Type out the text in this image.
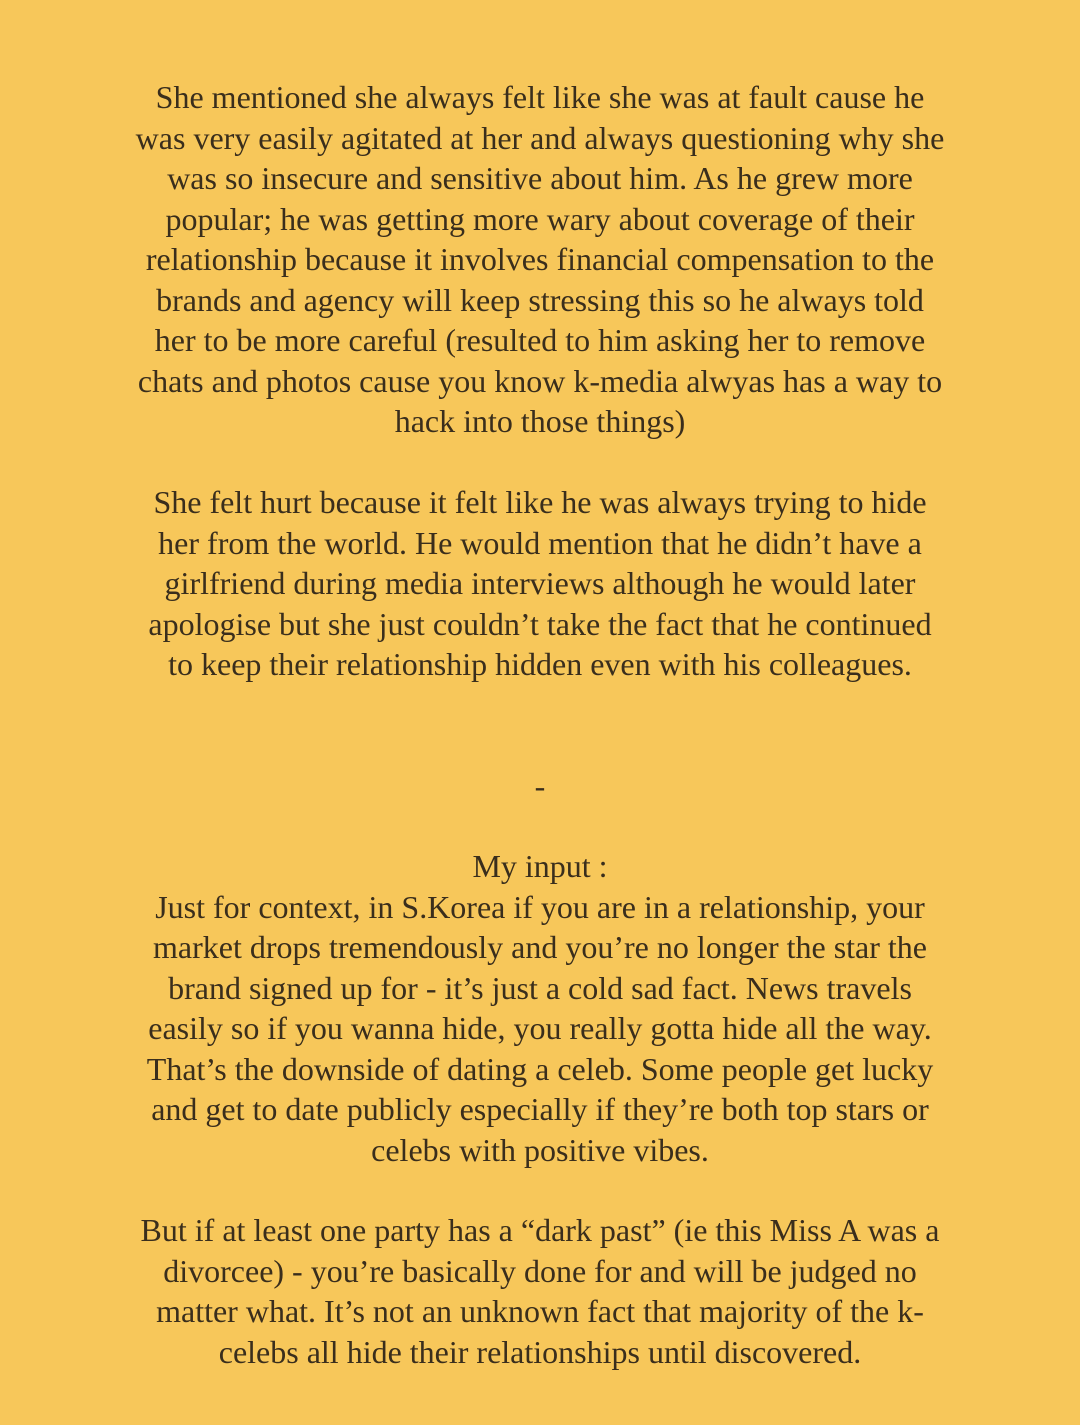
She mentioned she always felt like she was at fault cause he
was very easily agitated at her and always questioning why she
was so insecure and sensitive about him. As he grew more
popular; he was getting more wary about coverage of their
relationship because it involves financial compensation to the
brands and agency will keep stressing this so he always told
her to be more careful (resulted to him asking her to remove
chats and photos cause you know k-media alwyas has a way to
hack into those things)

She felt hurt because it felt like he was always trying to hide
her from the world. He would mention that he didn’t have a
girlfriend during media interviews although he would later
apologise but she just couldn’t take the fact that he continued
to keep their relationship hidden even with his colleagues.

-

My input :
Just for context, in S.Korea if you are in a relationship, your
market drops tremendously and you’re no longer the star the
brand signed up for - it’s just a cold sad fact. News travels
easily so if you wanna hide, you really gotta hide all the way.
That’s the downside of dating a celeb. Some people get lucky
and get to date publicly especially if they’re both top stars or
celebs with positive vibes.

But if at least one party has a “dark past” (ie this Miss A was a
divorcee) - you’re basically done for and will be judged no
matter what. It’s not an unknown fact that majority of the k-
celebs all hide their relationships until discovered.
